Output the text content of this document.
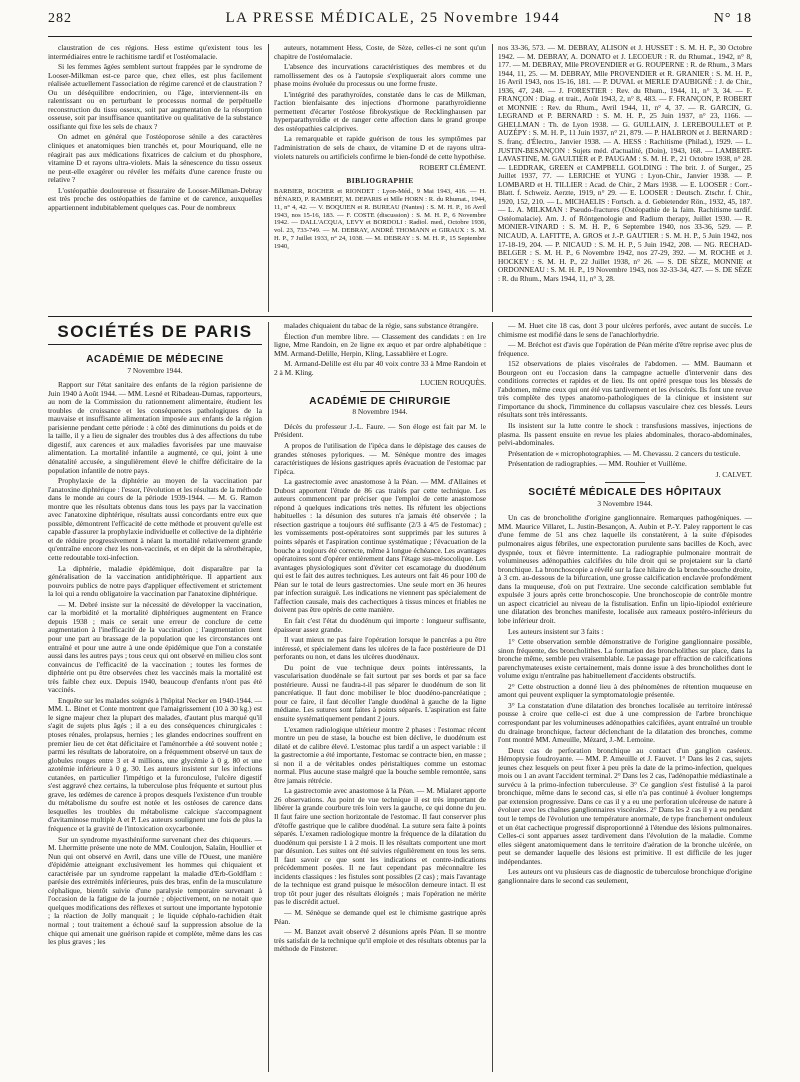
282	LA PRESSE MÉDICALE, 25 Novembre 1944	N° 18

claustration de ces régions. Hess estime qu'existent tous les intermédiaires entre le rachitisme tardif et l'ostéomalacie.

Si les femmes âgées semblent surtout frappées par le syndrome de Looser-Milkman est-ce parce que, chez elles, est plus facilement réalisée actuellement l'association de régime carencé et de claustration ? Ou un déséquilibre endocrinien, ou l'âge, interviennent-ils en ralentissant ou en perturbant le processus normal de perpétuelle reconstruction du tissu osseux, soit par augmentation de la résorption osseuse, soit par insuffisance quantitative ou qualitative de la substance ossifiante qui fixe les sels de chaux ?

On admet en général que l'ostéoporose sénile a des caractères cliniques et anatomiques bien tranchés et, pour Mouriquand, elle ne réagirait pas aux médications fixatrices de calcium et du phosphore, vitamine D et rayons ultra-violets. Mais la sénescence du tissu osseux ne peut-elle exagérer ou révéler les méfaits d'une carence fruste ou relative ?

L'ostéopathie douloureuse et fissuraire de Looser-Milkman-Debray est très proche des ostéopathies de famine et de carence, auxquelles appartiennent indubitablement quelques cas. Pour de nombreux

auteurs, notamment Hess, Coste, de Sèze, celles-ci ne sont qu'un chapitre de l'ostéomalacie.

L'absence des incurvations caractéristiques des membres et du ramollissement des os à l'autopsie s'expliquerait alors comme une phase moins évoluée du processus ou une forme fruste.

L'intégrité des parathyroïdes, constatée dans le cas de Milkman, l'action bienfaisante des injections d'hormone parathyroïdienne permettent d'écarter l'ostéose fibrokystique de Recklinghausen par hyperparathyroïdie et de ranger cette affection dans le grand groupe des ostéopathies calciprives.

La remarquable et rapide guérison de tous les symptômes par l'administration de sels de chaux, de vitamine D et de rayons ultra-violets naturels ou artificiels confirme le bien-fondé de cette hypothèse.

ROBERT CLÉMENT.

BIBLIOGRAPHIE

BARBIER, ROCHER et RIONDET : Lyon-Méd., 9 Mai 1943, 416. — H. BÉNARD, P. RAMBERT, M. DEPARIS et Mlle HORN : R. du Rhumat., 1944, 11, n° 4, 42. — V. BOQUIEN et R. BUREAU (Nantes) : S. M. H. P., 16 Avril 1943, nos 15-16, 183. — F. COSTE (discussion) : S. M. H. P., 6 Novembre 1942. — DALL'ACQUA, LEVY et BORDOLI : Radiol. med., Octobre 1936, vol. 23, 733-749. — M. DEBRAY, ANDRÉ THOMANN et GIRAUX : S. M. H. P., 7 Juillet 1933, n° 24, 1038. — M. DEBRAY : S. M. H. P., 15 Septembre 1940,
nos 33-36, 573. — M. DEBRAY, ALISON et J. HUSSET : S. M. H. P., 30 Octobre 1942. — M. DEBRAY, A. DONATO et J. LECOEUR : R. du Rhumat., 1942, n° 8, 177. — M. DEBRAY, Mlle PROVENDIER et G. ROUPERNE : R. de Rhum., 3 Mars 1944, 11, 25. — M. DEBRAY, Mlle PROVENDIER et R. GRANIER : S. M. H. P., 16 Avril 1943, nos 15-16, 181. — P. DUVAL et MERLE D'AUBIGNÉ : J. de Chir., 1936, 47, 248. — J. FORESTIER : Rev. du Rhum., 1944, 11, n° 3, 34. — F. FRANÇON : Diag. et trait., Août 1943, 2, n° 8, 483. — F. FRANÇON, P. ROBERT et MONNIE : Rev. du Rhum., Avril 1944, 11, n° 4, 37. — R. GARCIN, G. LEGRAND et P. BERNARD : S. M. H. P., 25 Juin 1937, n° 23, 1166. — GHELLMAN : Th. de Lyon 1938. — G. GUILLAIN, J. LEREBOULLET et P. AUZÉPY : S. M. H. P., 11 Juin 1937, n° 21, 879. — P. HALBRON et J. BERNARD : S. franç. d'Électro., Janvier 1938. — A. HESS : Rachitisme (Philad.), 1929. — L. JUSTIN-BESANÇON : Sujets méd. d'actualité, (Doin), 1943, 168. — LAMBERT-LAVASTINE, M. GAULTIER et P. PAUGAM : S. M. H. P., 21 Octobre 1938, n° 28. — LEDDRAK, GREEN et CAMPBELL GOLDING : The brit. J. of Surger., 25 Juillet 1937, 77. — LERICHE et YUNG : Lyon-Chir., Janvier 1938. — P. LOMBARD et H. TILLIER : Acad. de Chir., 2 Mars 1938. — E. LOOSER : Corr.-Blatt. f. Schweiz. Aerzte, 1919, n° 29. — E. LOOSER : Deutsch. Ztschr. f. Chir., 1920, 152, 210. — L. MICHAELIS : Fortsch. a. d. Gebietender Rön., 1932, 45, 187. — L. A. MILKMAN : Pseudo-fractures (Ostéopathie de la faim. Rachitisme tardif. Ostéomalacie). Am. J. of Röntgenologie and Radium therapy, Juillet 1930. — R. MONIER-VINARD : S. M. H. P., 6 Septembre 1940, nos 33-36, 529. — P. NICAUD, A. LAFITTE, A. GROS et J.-P. GAUTIER : S. M. H. P., 5 Juin 1942, nos 17-18-19, 204. — P. NICAUD : S. M. H. P., 5 Juin 1942, 208. — NG. RECHAD-BELGER : S. M. H. P., 6 Novembre 1942, nos 27-29, 392. — M. ROCHE et J. HOCKEY : S. M. H. P., 22 Juillet 1938, n° 26. — S. DE SÈZE, MONNIE et ORDONNEAU : S. M. H. P., 19 Novembre 1943, nos 32-33-34, 427. — S. DE SÈZE : R. du Rhum., Mars 1944, 11, n° 3, 28.
SOCIÉTÉS DE PARIS
ACADÉMIE DE MÉDECINE
7 Novembre 1944.

Rapport sur l'état sanitaire des enfants de la région parisienne de Juin 1940 à Août 1944. — MM. Lesné et Ribadeau-Dumas, rapporteurs, au nom de la Commission du rationnement alimentaire, étudient les troubles de croissance et les conséquences pathologiques de la mauvaise et insuffisante alimentation imposée aux enfants de la région parisienne pendant cette période : à côté des diminutions du poids et de la taille, il y a lieu de signaler des troubles dus à des affections du tube digestif, aux carences et aux maladies favorisées par une mauvaise alimentation. La mortalité infantile a augmenté, ce qui, joint à une dénatalité accusée, a singulièrement élevé le chiffre déficitaire de la population infantile de notre pays.

Prophylaxie de la diphtérie au moyen de la vaccination par l'anatoxine diphtérique : l'essor, l'évolution et les résultats de la méthode dans le monde au cours de la période 1939-1944. — M. G. Ramon montre que les résultats obtenus dans tous les pays par la vaccination avec l'anatoxine diphtérique, résultats aussi concordants entre eux que possible, démontrent l'efficacité de cette méthode et prouvent qu'elle est capable d'assurer la prophylaxie individuelle et collective de la diphtérie et de réduire progressivement à néant la mortalité relativement grande qu'entraîne encore chez les non-vaccinés, et en dépit de la sérothérapie, cette redoutable toxi-infection.

La diphtérie, maladie épidémique, doit disparaître par la généralisation de la vaccination antidiphtérique. Il appartient aux pouvoirs publics de notre pays d'appliquer effectivement et strictement la loi qui a rendu obligatoire la vaccination par l'anatoxine diphtérique.

— M. Debré insiste sur la nécessité de développer la vaccination, car la morbidité et la mortalité diphtériques augmentent en France depuis 1938 ; mais ce serait une erreur de conclure de cette augmentation à l'inefficacité de la vaccination ; l'augmentation tient pour une part au brassage de la population que les circonstances ont entraîné et pour une autre à une onde épidémique que l'on a constatée aussi dans les autres pays ; tous ceux qui ont observé en milieu clos sont convaincus de l'efficacité de la vaccination ; toutes les formes de diphtérie ont pu être observées chez les vaccinés mais la mortalité est très faible chez eux. Depuis 1940, beaucoup d'enfants n'ont pas été vaccinés.

Enquête sur les malades soignés à l'hôpital Necker en 1940-1944. — MM. L. Binet et Conte montrent que l'amaigrissement (10 à 30 kg.) est le signe majeur chez la plupart des malades, d'autant plus marqué qu'il s'agit de sujets plus âgés ; il a eu des conséquences chirurgicales : ptoses rénales, prolapsus, hernies ; les glandes endocrines souffrent en premier lieu de cet état déficitaire et l'aménorrhée a été souvent notée ; parmi les résultats de laboratoire, on a fréquemment observé un taux de globules rouges entre 3 et 4 millions, une glycémie à 0 g. 80 et une azotémie inférieure à 0 g. 30. Les auteurs insistent sur les infections cutanées, en particulier l'impétigo et la furonculose, l'ulcère digestif s'est aggravé chez certains, la tuberculose plus fréquente et surtout plus grave, les œdèmes de carence à propos desquels l'existence d'un trouble du métabolisme du soufre est notée et les ostéoses de carence dans lesquelles les troubles du métabolisme calcique s'accompagnent d'avitaminose multiple A et P. Les auteurs soulignent une fois de plus la fréquence et la gravité de l'intoxication oxycarbonée.

Sur un syndrome myasthéniforme survenant chez des chiqueurs. — M. Lhermitte présente une note de MM. Couloujon, Salaün, Houllier et Nun qui ont observé en Avril, dans une ville de l'Ouest, une manière d'épidémie atteignant exclusivement les hommes qui chiquaient et caractérisée par un syndrome rappelant la maladie d'Erb-Goldflam : parésie des extrémités inférieures, puis des bras, enfin de la musculature céphalique, bientôt suivie d'une paralysie temporaire survenant à l'occasion de la fatigue de la journée ; objectivement, on ne notait que quelques modifications des réflexes et surtout une importante hypotonie ; la réaction de Jolly manquait ; le liquide céphalo-rachidien était normal ; tout traitement a échoué sauf la suppression absolue de la chique qui amenait une guérison rapide et complète, même dans les cas les plus graves ; les

malades chiquaient du tabac de la régie, sans substance étrangère.

Élection d'un membre libre. — Classement des candidats : en 1re ligne, Mme Randoin, en 2e ligne ex æquo et par ordre alphabétique : MM. Armand-Delille, Herpin, Kling, Lassablière et Logre.

M. Armand-Delille est élu par 40 voix contre 33 à Mme Randoin et 2 à M. Kling.

LUCIEN ROUQUÈS.

ACADÉMIE DE CHIRURGIE
8 Novembre 1944.

Décès du professeur J.-L. Faure. — Son éloge est fait par M. le Président.

A propos de l'utilisation de l'ipéca dans le dépistage des causes de grandes sténoses pyloriques. — M. Sénèque montre des images caractéristiques de lésions gastriques après évacuation de l'estomac par l'ipéca.

La gastrectomie avec anastomose à la Péan. — MM. d'Allaines et Dubost apportent l'étude de 86 cas traités par cette technique. Les auteurs commencent par préciser que l'emploi de cette anastomose répond à quelques indications très nettes. Ils réfutent les objections habituelles : la désunion des sutures n'a jamais été observée ; la résection gastrique a toujours été suffisante (2/3 à 4/5 de l'estomac) ; les vomissements post-opératoires sont supprimés par les sutures à points séparés et l'aspiration continue systématique ; l'évacuation de la bouche a toujours été correcte, même à longue échéance. Les avantages opératoires sont d'opérer entièrement dans l'étage sus-mésocolique. Les avantages physiologiques sont d'éviter cet escamotage du duodénum qui est le fait des autres techniques. Les auteurs ont fait 46 pour 100 de Péan sur le total de leurs gastrectomies. Une seule mort en 36 heures par infection suraiguë. Les indications ne viennent pas spécialement de l'affection causale, mais des cachectiques à tissus minces et friables ne doivent pas être opérés de cette manière.

En fait c'est l'état du duodénum qui importe : longueur suffisante, épaisseur assez grande.

Il vaut mieux ne pas faire l'opération lorsque le pancréas a pu être intéressé, et spécialement dans les ulcères de la face postérieure de D1 perforants ou non, et dans les ulcères duodénaux.

Du point de vue technique deux points intéressants, la vascularisation duodénale se fait surtout par ses bords et par sa face postérieure. Aussi ne faudra-t-il pas séparer le duodénum de son lit pancréatique. Il faut donc mobiliser le bloc duodéno-pancréatique ; pour ce faire, il faut décoller l'angle duodénal à gauche de la ligne médiane. Les sutures sont faites à points séparés. L'aspiration est faite ensuite systématiquement pendant 2 jours.

L'examen radiologique ultérieur montre 2 phases : l'estomac récent montre un peu de stase, la bouche est bien déclive, le duodénum est dilaté et de calibre élevé. L'estomac plus tardif a un aspect variable : il la gastrectomie a été importante, l'estomac se contracte bien, en masse ; si non il a de véritables ondes péristaltiques comme un estomac normal. Plus aucune stase malgré que la bouche semble remontée, sans être jamais rétrécie.

La gastrectomie avec anastomose à la Péan. — M. Mialaret apporte 26 observations. Au point de vue technique il est très important de libérer la grande courbure très loin vers la gauche, ce qui donne du jeu. Il faut faire une section horizontale de l'estomac. Il faut conserver plus d'étoffe gastrique que le calibre duodénal. La suture sera faite à points séparés. L'examen radiologique montre la fréquence de la dilatation du duodénum qui persiste 1 à 2 mois. Il les résultats comportent une mort par désunion. Les suites ont été suivies régulièrement en tous les sens. Il faut savoir ce que sont les indications et contre-indications précédemment posées. Il ne faut cependant pas méconnaître les incidents classiques : les fistules sont possibles (2 cas) ; mais l'avantage de la technique est grand puisque le mésocôlon demeure intact. Il est trop tôt pour juger des résultats éloignés ; mais l'opération ne mérite pas le discrédit actuel.

— M. Sénèque se demande quel est le chimisme gastrique après Péan.

— M. Banzet avait observé 2 désunions après Péan. Il se montre très satisfait de la technique qu'il emploie et des résultats obtenus par la méthode de Finsterer.

— M. Huet cite 18 cas, dont 3 pour ulcères perforés, avec autant de succès. Le chimisme est modifié dans le sens de l'anachlorhydrie.

— M. Bréchot est d'avis que l'opération de Péan mérite d'être reprise avec plus de fréquence.

152 observations de plaies viscérales de l'abdomen. — MM. Baumann et Bourgeon ont eu l'occasion dans la campagne actuelle d'intervenir dans des conditions correctes et rapides et de lieu. Ils ont opéré presque tous les blessés de l'abdomen, même ceux qui ont été vus tardivement et les éviscérés. Ils font une revue très complète des types anatomo-pathologiques de la clinique et insistent sur l'importance du shock, l'imminence du collapsus vasculaire chez ces blessés. Leurs résultats sont très intéressants.

Ils insistent sur la lutte contre le shock : transfusions massives, injections de plasma. Ils passent ensuite en revue les plaies abdominales, thoraco-abdominales, pelvi-abdominales.

Présentation de « microphotographies. — M. Chevassu. 2 cancers du testicule.

Présentation de radiographies. — MM. Rouhier et Vuillème.

J. CALVET.

SOCIÉTÉ MÉDICALE DES HÔPITAUX
3 Novembre 1944.

Un cas de broncholithe d'origine ganglionnaire. Remarques pathogéniques. — MM. Maurice Villaret, L. Justin-Besançon, A. Aubin et P.-Y. Paley rapportent le cas d'une femme de 51 ans chez laquelle ils constatèrent, à la suite d'épisodes pulmonaires aigus fébriles, une expectoration purulente sans bacilles de Koch, avec dyspnée, toux et fièvre intermittente. La radiographie pulmonaire montrait de volumineuses adénopathies calcifiées du hile droit qui se projetaient sur la clarté bronchique. La bronchoscopie a révélé sur la face hilaire de la bronche-souche droite, à 3 cm. au-dessous de la bifurcation, une grosse calcification enclavée profondément dans la muqueuse, d'où on put l'extraire. Une seconde calcification semblable fut expulsée 3 jours après cette bronchoscopie. Une bronchoscopie de contrôle montre un aspect cicatriciel au niveau de la fistulisation. Enfin un lipio-lipiodol extérieure une dilatation des bronches manifeste, localisée aux rameaux postéro-inférieurs du lobe inférieur droit.

Les auteurs insistent sur 3 faits :

1° Cette observation semble démonstrative de l'origine ganglionnaire possible, sinon fréquente, des broncholithes. La formation des broncholithes sur place, dans la bronche même, semble peu vraisemblable. Le passage par effraction de calcifications parenchymateuses existe certainement, mais donne issue à des broncholithes dont le volume exigu n'entraîne pas habituellement d'accidents obstructifs.

2° Cette obstruction a donné lieu à des phénomènes de rétention muqueuse en amont qui peuvent expliquer la symptomatologie présentée.

3° La constatation d'une dilatation des bronches localisée au territoire intéressé pousse à croire que celle-ci est due à une compression de l'arbre bronchique correspondant par les volumineuses adénopathies calcifiées, ayant entraîné un trouble du drainage bronchique, facteur déclenchant de la dilatation des bronches, comme l'ont montré MM. Ameuille, Mézard, J.-M. Lemoine.

Deux cas de perforation bronchique au contact d'un ganglion caséeux. Hémoptysie foudroyante. — MM. P. Ameuille et J. Fauvet. 1° Dans les 2 cas, sujets jeunes chez lesquels on peut fixer à peu près la date de la primo-infection, quelques mois ou 1 an avant l'accident terminal. 2° Dans les 2 cas, l'adénopathie médiastinale a survécu à la primo-infection tuberculeuse. 3° Ce ganglion s'est fistulisé à la paroi bronchique, même dans le second cas, si elle n'a pas continué à évoluer longtemps par extension progressive. Dans ce cas il y a eu une perforation ulcéreuse de nature à évoluer avec les chaînes ganglionnaires viscérales. 2° Dans les 2 cas il y a eu pendant tout le temps de l'évolution une température anormale, de type franchement onduleux et un état cachectique progressif disproportionné à l'étendue des lésions pulmonaires. Celles-ci sont apparues assez tardivement dans l'évolution de la maladie. Comme elles siègent anatomiquement dans le territoire d'aération de la bronche ulcérée, on peut se demander laquelle des lésions est primitive. Il est difficile de les juger indépendantes.

Les auteurs ont vu plusieurs cas de diagnostic de tuberculose bronchique d'origine ganglionnaire dans le second cas seulement,
